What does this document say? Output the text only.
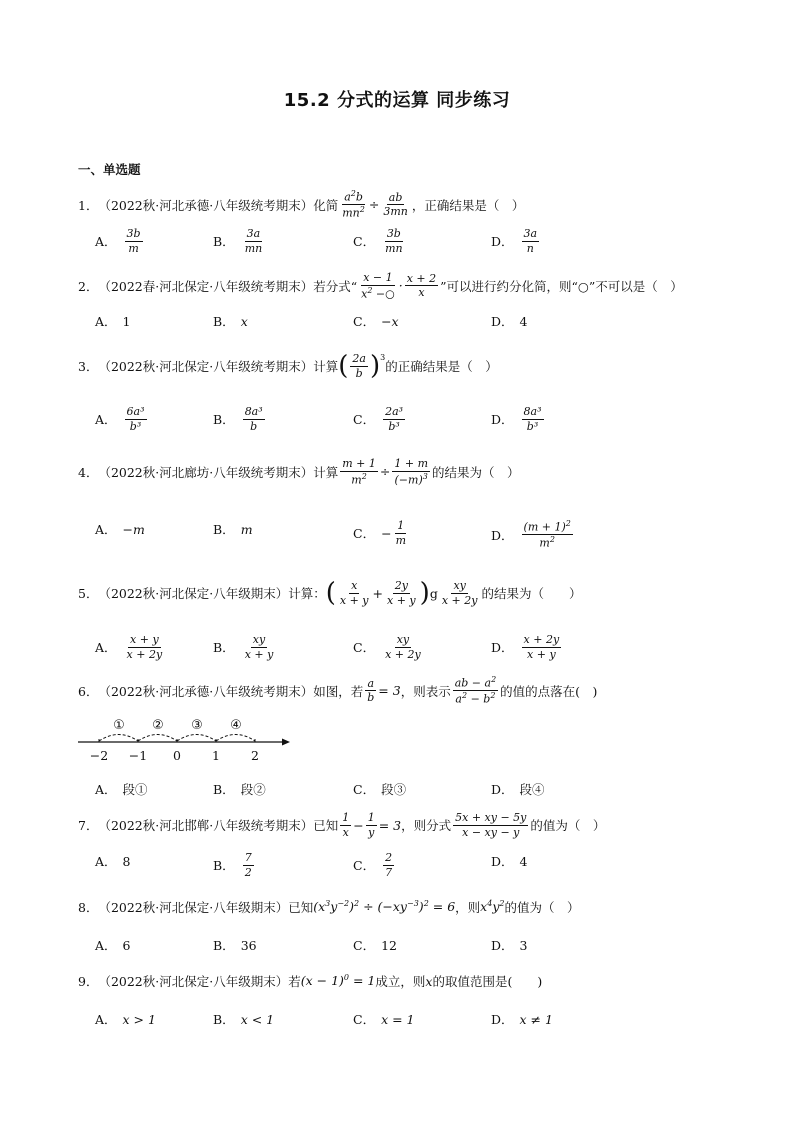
15.2 分式的运算 同步练习
一、单选题
1． （2022秋·河北承德·八年级统考期末） 化简 $\frac{a^2b}{mn^2} \div \frac{ab}{3mn}$ ，正确结果是（　）
A． $\frac{3b}{m}$	B． $\frac{3a}{mn}$	C． $\frac{3b}{mn}$	D． $\frac{3a}{n}$
2． （2022春·河北保定·八年级统考期末） 若分式“ $\frac{x - 1}{x^2 -○} \cdot \frac{x + 2}{x}$ ”可以进行约分化简，则“○”不可以是（　）
A． 1	B． x	C． −x	D． 4
3． （2022秋·河北保定·八年级统考期末） 计算 ( $\frac{2a}{b} )^3$
的正确结果是（　）
A． $\frac{\text{6a³}}{\text{b³}}$	B． $\frac{\text{8a³}}{b}$	C． $\frac{\text{2a³}}{\text{b³}}$	D． $\frac{\text{8a³}}{\text{b³}}$
4． （2022秋·河北廊坊·八年级统考期末） 计算 $\frac{m + 1}{m^2} \div \frac{1 + m}{(-m)^3}$ 的结果为（　）
A． −m	B． m	C． − $\frac{1}{m}$	D． $\frac{(m + 1)^2}{m^2}$
5． （2022秋·河北保定·八年级期末） 计算： ( $\frac{x}{x + y} + \frac{2y}{x + y}$ ) g $\frac{xy}{x + 2y}$ 的结果为（　　）
A． $\frac{x + y}{x + 2y}$	B． $\frac{xy}{x + y}$	C． $\frac{xy}{x + 2y}$	D． $\frac{x + 2y}{x + y}$
6． （2022秋·河北承德·八年级统考期末） 如图，若 $\frac{a}{b} = 3$ ，则表示 $\frac{ab - a^2}{a^2 - b^2}$ 的值的点落在(　)
① ② ③ ④
−2 −1 0 1 2
A． 段①	B． 段②	C． 段③	D． 段④
7． （2022秋·河北邯郸·八年级统考期末） 已知 $\frac{1}{x} - \frac{1}{y} = 3$ ，则分式 $\frac{5x + xy - 5y}{x - xy - y}$ 的值为（　）
A． 8	B． $\frac{7}{2}$	C． $\frac{2}{7}$	D． 4
8． （2022秋·河北保定·八年级期末） 已知 $(x^3y^{-2})^2 \div (-xy^{-3})^2 = 6$ ，则 $x^4y^2$ 的值为（　）
A． 6	B． 36	C． 12	D． 3
9． （2022秋·河北保定·八年级期末） 若 $(x - 1)^0 = 1$ 成立，则 x 的取值范围是(　　)
A． x > 1	B． x < 1	C． x = 1	D． x ≠ 1
